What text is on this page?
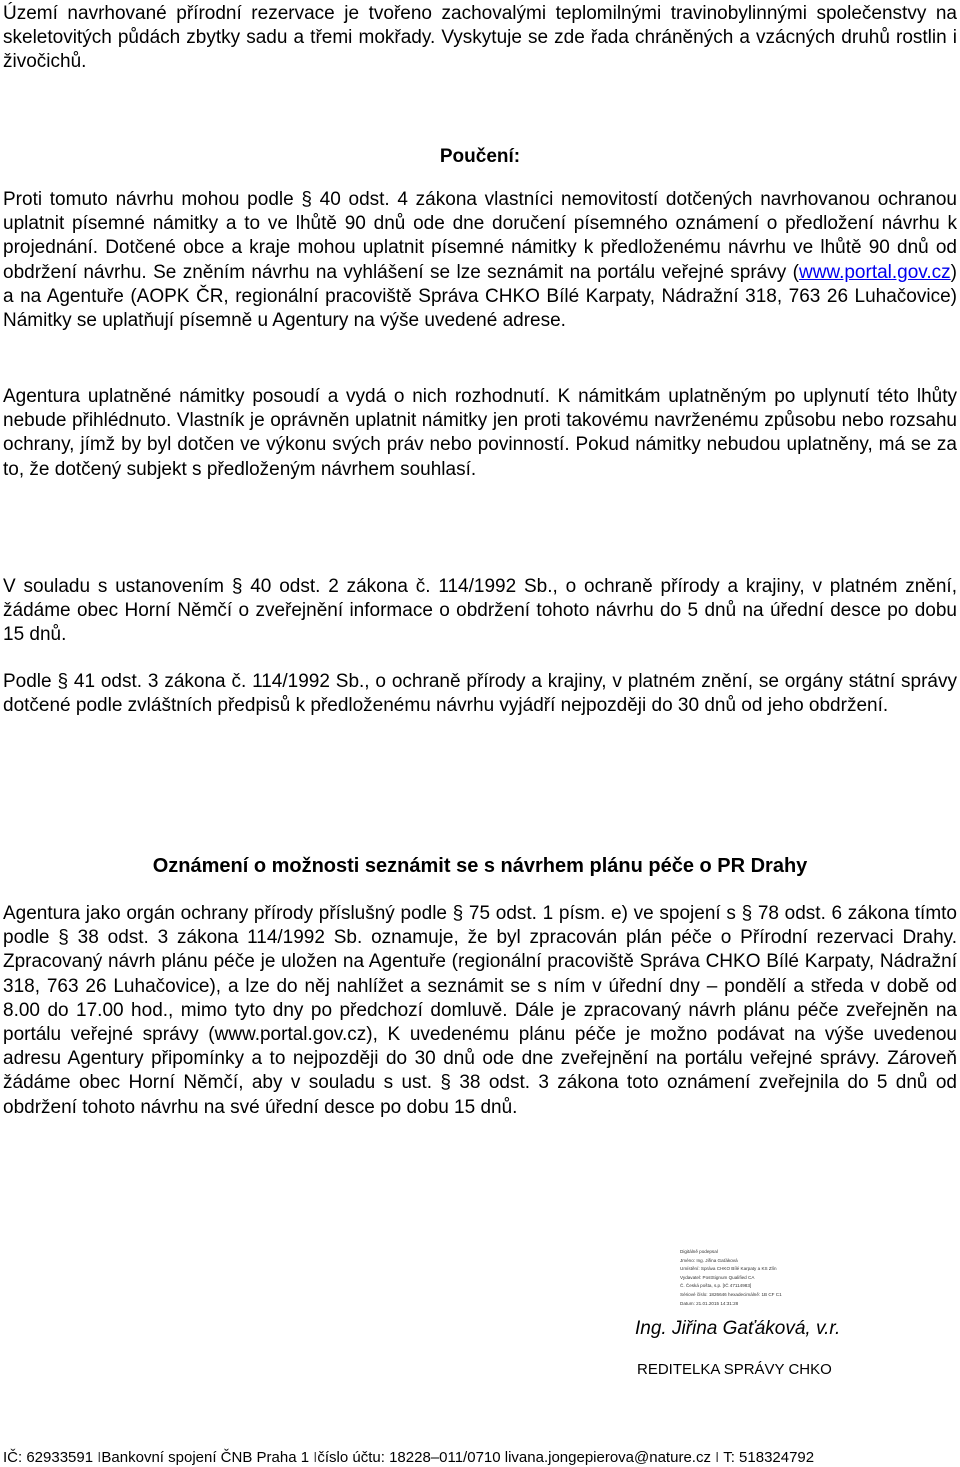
Území navrhované přírodní rezervace je tvořeno zachovalými teplomilnými travinobylinnými společenstvy na skeletovitých půdách zbytky sadu a třemi mokřady. Vyskytuje se zde řada chráněných a vzácných druhů rostlin i živočichů.

Poučení:

Proti tomuto návrhu mohou podle § 40 odst. 4 zákona vlastníci nemovitostí dotčených navrhovanou ochranou uplatnit písemné námitky a to ve lhůtě 90 dnů ode dne doručení písemného oznámení o předložení návrhu k projednání. Dotčené obce a kraje mohou uplatnit písemné námitky k předloženému návrhu ve lhůtě 90 dnů od obdržení návrhu. Se zněním návrhu na vyhlášení se lze seznámit na portálu veřejné správy (www.portal.gov.cz) a na Agentuře (AOPK ČR, regionální pracoviště Správa CHKO Bílé Karpaty, Nádražní 318, 763 26 Luhačovice) Námitky se uplatňují písemně u Agentury na výše uvedené adrese.

Agentura uplatněné námitky posoudí a vydá o nich rozhodnutí. K námitkám uplatněným po uplynutí této lhůty nebude přihlédnuto. Vlastník je oprávněn uplatnit námitky jen proti takovému navrženému způsobu nebo rozsahu ochrany, jímž by byl dotčen ve výkonu svých práv nebo povinností. Pokud námitky nebudou uplatněny, má se za to, že dotčený subjekt s předloženým návrhem souhlasí.

V souladu s ustanovením § 40 odst. 2 zákona č. 114/1992 Sb., o ochraně přírody a krajiny, v platném znění, žádáme obec Horní Němčí o zveřejnění informace o obdržení tohoto návrhu do 5 dnů na úřední desce po dobu 15 dnů.

Podle § 41 odst. 3 zákona č. 114/1992 Sb., o ochraně přírody a krajiny, v platném znění, se orgány státní správy dotčené podle zvláštních předpisů k předloženému návrhu vyjádří nejpozději do 30 dnů od jeho obdržení.

Oznámení o možnosti seznámit se s návrhem plánu péče o PR Drahy

Agentura jako orgán ochrany přírody příslušný podle § 75 odst. 1 písm. e) ve spojení s § 78 odst. 6 zákona tímto podle § 38 odst. 3 zákona 114/1992 Sb. oznamuje, že byl zpracován plán péče o Přírodní rezervaci Drahy. Zpracovaný návrh plánu péče je uložen na Agentuře (regionální pracoviště Správa CHKO Bílé Karpaty, Nádražní 318, 763 26 Luhačovice), a lze do něj nahlížet a seznámit se s ním v úřední dny – pondělí a středa v době od 8.00 do 17.00 hod., mimo tyto dny po předchozí domluvě. Dále je zpracovaný návrh plánu péče zveřejněn na portálu veřejné správy (www.portal.gov.cz), K uvedenému plánu péče je možno podávat na výše uvedenou adresu Agentury připomínky a to nejpozději do 30 dnů ode dne zveřejnění na portálu veřejné správy. Zároveň žádáme obec Horní Němčí, aby v souladu s ust. § 38 odst. 3 zákona toto oznámení zveřejnila do 5 dnů od obdržení tohoto návrhu na své úřední desce po dobu 15 dnů.

Digitálně podepsal
Jméno: Ing. Jiřina Gaťáková
Umístění: Správa CHKO Bílé Karpaty a KS Zlín
Vydavatel: PostSignum Qualified CA
Č. Česká pošta, s.p. [IČ 47114983]
Sériové číslo: 1826646 hexadecimálně: 1B CF C1
Datum: 21.01.2015 14:31:28

Ing. Jiřina Gaťáková, v.r.

REDITELKA SPRÁVY CHKO

IČ: 62933591 IBankovní spojení ČNB Praha 1 Ičíslo účtu: 18228–011/0710 livana.jongepierova@nature.cz I T: 518324792
